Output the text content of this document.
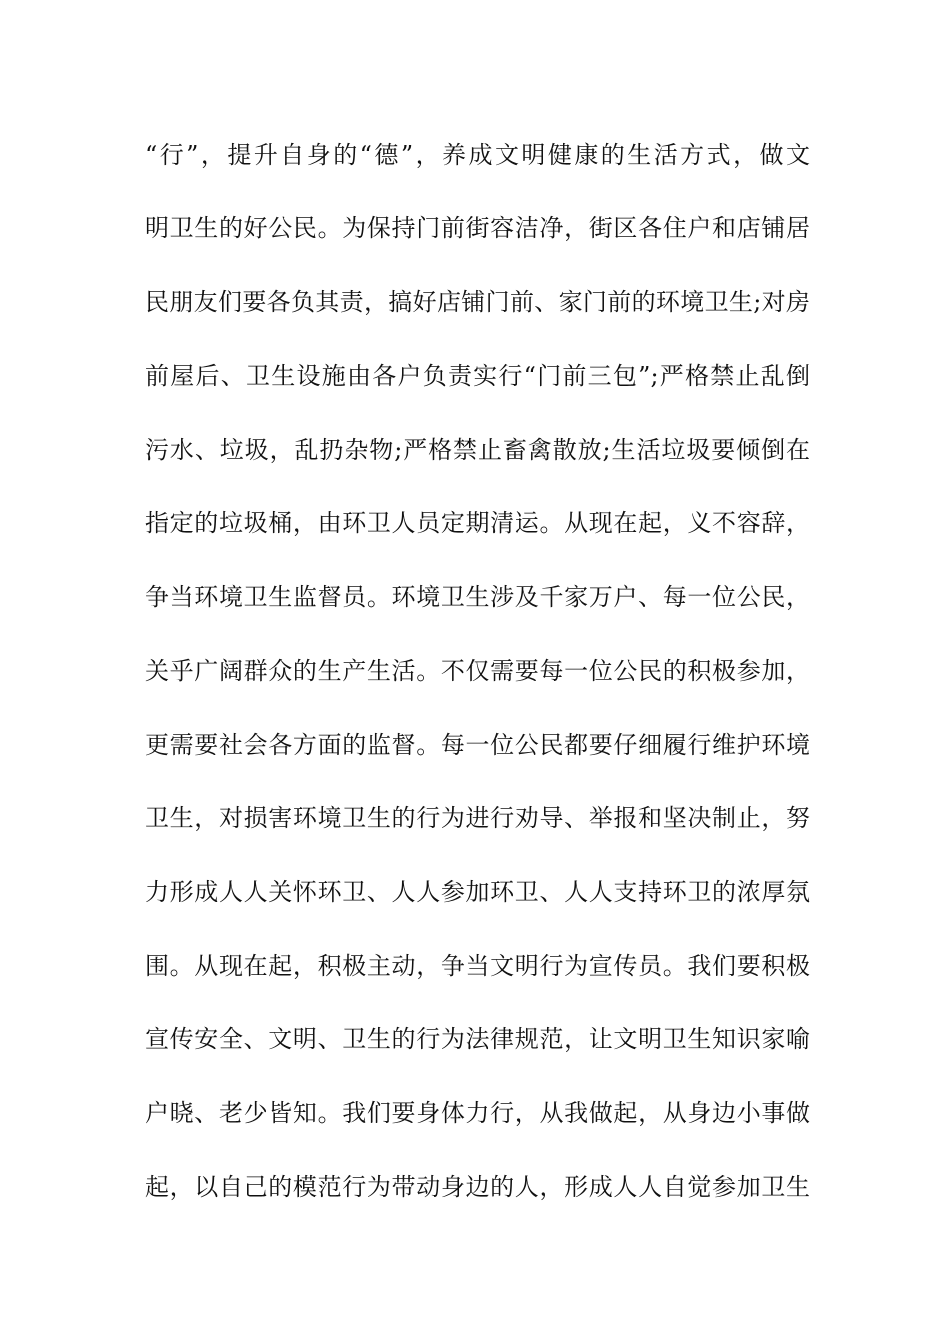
“行”，提升自身的“德”，养成文明健康的生活方式，做文
明卫生的好公民。为保持门前街容洁净，街区各住户和店铺居
民朋友们要各负其责，搞好店铺门前、家门前的环境卫生;对房
前屋后、卫生设施由各户负责实行“门前三包”;严格禁止乱倒
污水、垃圾，乱扔杂物;严格禁止畜禽散放;生活垃圾要倾倒在
指定的垃圾桶，由环卫人员定期清运。从现在起，义不容辞，
争当环境卫生监督员。环境卫生涉及千家万户、每一位公民，
关乎广阔群众的生产生活。不仅需要每一位公民的积极参加，
更需要社会各方面的监督。每一位公民都要仔细履行维护环境
卫生，对损害环境卫生的行为进行劝导、举报和坚决制止，努
力形成人人关怀环卫、人人参加环卫、人人支持环卫的浓厚氛
围。从现在起，积极主动，争当文明行为宣传员。我们要积极
宣传安全、文明、卫生的行为法律规范，让文明卫生知识家喻
户晓、老少皆知。我们要身体力行，从我做起，从身边小事做
起，以自己的模范行为带动身边的人，形成人人自觉参加卫生
